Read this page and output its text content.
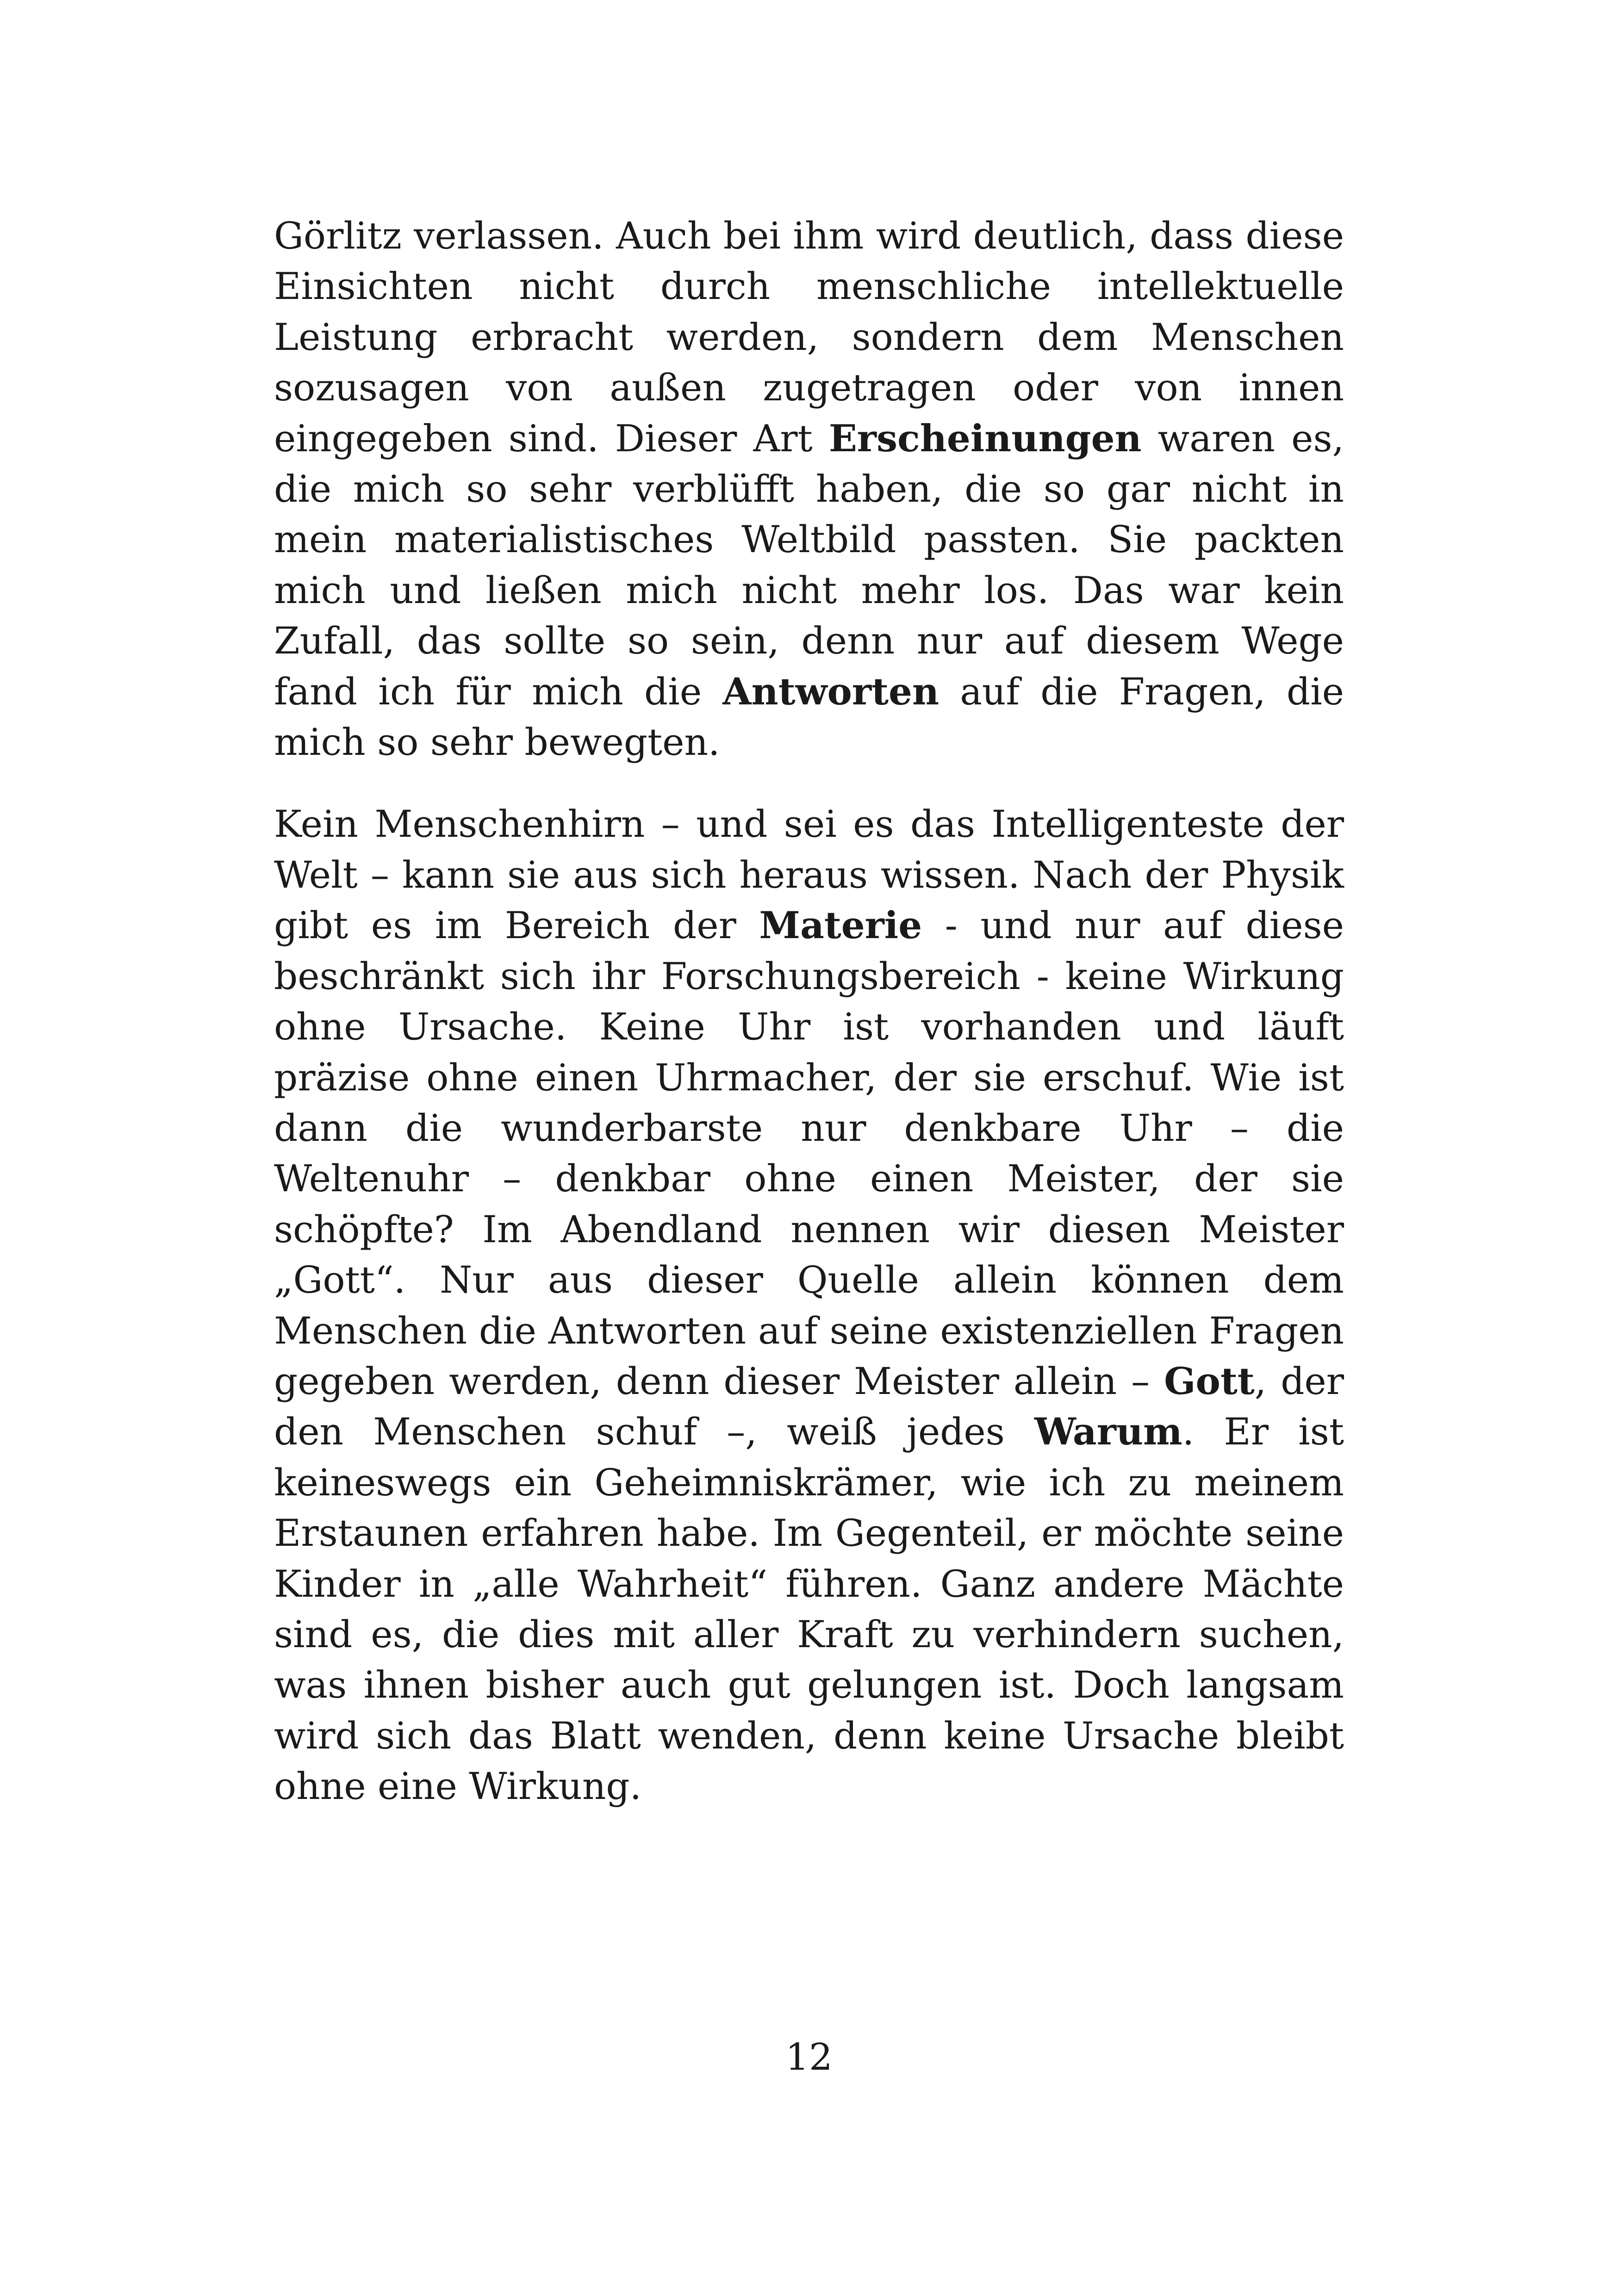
Görlitz verlassen. Auch bei ihm wird deutlich, dass diese Einsichten nicht durch menschliche intellektuelle Leistung erbracht werden, sondern dem Menschen sozusagen von außen zugetragen oder von innen eingegeben sind. Dieser Art Erscheinungen waren es, die mich so sehr verblüfft haben, die so gar nicht in mein materialistisches Weltbild passten. Sie packten mich und ließen mich nicht mehr los. Das war kein Zufall, das sollte so sein, denn nur auf diesem Wege fand ich für mich die Antworten auf die Fragen, die mich so sehr bewegten.

Kein Menschenhirn – und sei es das Intelligenteste der Welt – kann sie aus sich heraus wissen. Nach der Physik gibt es im Bereich der Materie - und nur auf diese beschränkt sich ihr Forschungsbereich - keine Wirkung ohne Ursache. Keine Uhr ist vorhanden und läuft präzise ohne einen Uhrmacher, der sie erschuf. Wie ist dann die wunderbarste nur denkbare Uhr – die Weltenuhr – denkbar ohne einen Meister, der sie schöpfte? Im Abendland nennen wir diesen Meister „Gott“. Nur aus dieser Quelle allein können dem Menschen die Antworten auf seine existenziellen Fragen gegeben werden, denn dieser Meister allein – Gott, der den Menschen schuf –, weiß jedes Warum. Er ist keineswegs ein Geheimniskrämer, wie ich zu meinem Erstaunen erfahren habe. Im Gegenteil, er möchte seine Kinder in „alle Wahrheit“ führen. Ganz andere Mächte sind es, die dies mit aller Kraft zu verhindern suchen, was ihnen bisher auch gut gelungen ist. Doch langsam wird sich das Blatt wenden, denn keine Ursache bleibt ohne eine Wirkung.

12
